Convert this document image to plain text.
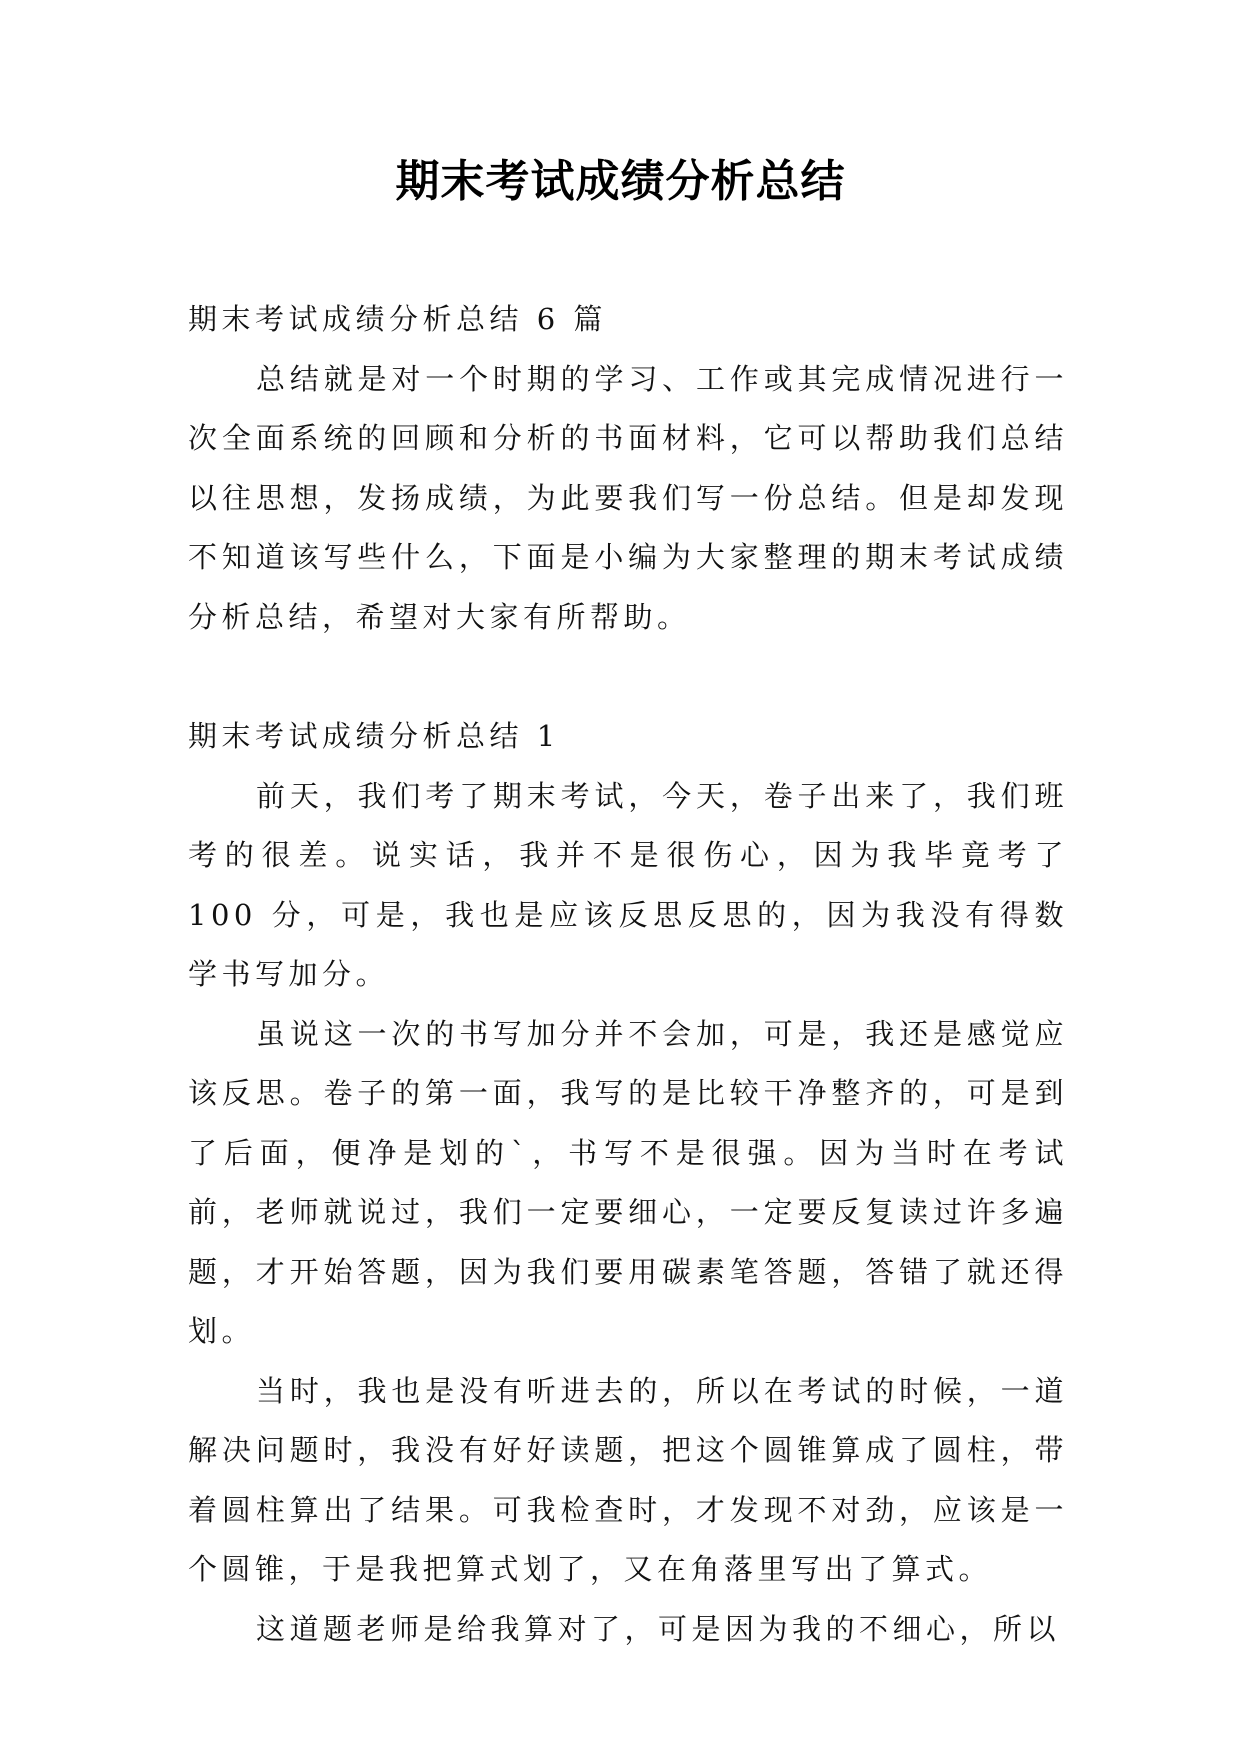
期末考试成绩分析总结

期末考试成绩分析总结 6 篇

总结就是对一个时期的学习、工作或其完成情况进行一次全面系统的回顾和分析的书面材料，它可以帮助我们总结以往思想，发扬成绩，为此要我们写一份总结。但是却发现不知道该写些什么，下面是小编为大家整理的期末考试成绩分析总结，希望对大家有所帮助。

期末考试成绩分析总结 1

前天，我们考了期末考试，今天，卷子出来了，我们班考的很差。说实话，我并不是很伤心，因为我毕竟考了 100 分，可是，我也是应该反思反思的，因为我没有得数学书写加分。

虽说这一次的书写加分并不会加，可是，我还是感觉应该反思。卷子的第一面，我写的是比较干净整齐的，可是到了后面，便净是划的`，书写不是很强。因为当时在考试前，老师就说过，我们一定要细心，一定要反复读过许多遍题，才开始答题，因为我们要用碳素笔答题，答错了就还得划。

当时，我也是没有听进去的，所以在考试的时候，一道解决问题时，我没有好好读题，把这个圆锥算成了圆柱，带着圆柱算出了结果。可我检查时，才发现不对劲，应该是一个圆锥，于是我把算式划了，又在角落里写出了算式。

这道题老师是给我算对了，可是因为我的不细心，所以
